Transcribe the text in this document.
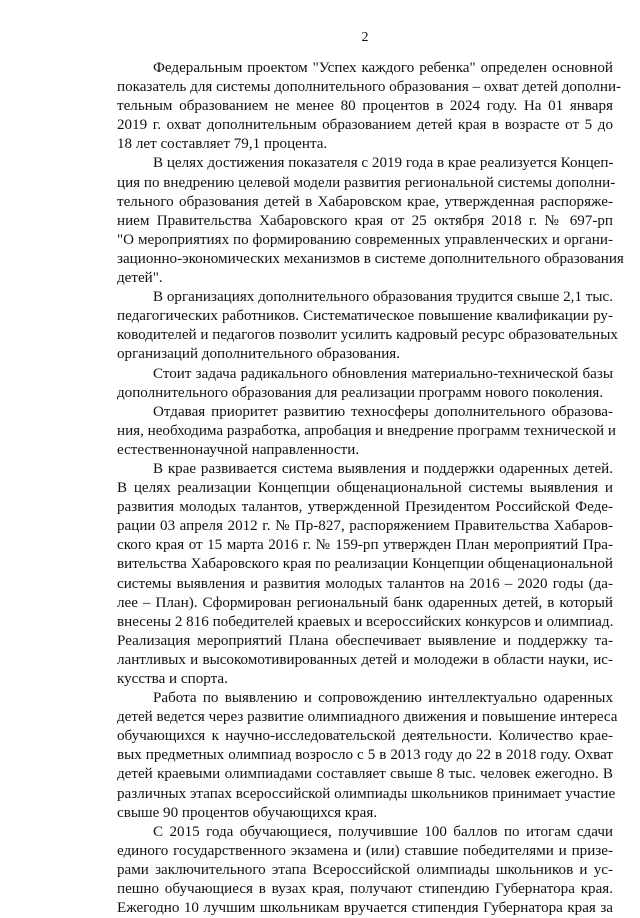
2
Федеральным проектом "Успех каждого ребенка" определен основной
показатель для системы дополнительного образования – охват детей дополни-
тельным образованием не менее 80 процентов в 2024 году. На 01 января
2019 г. охват дополнительным образованием детей края в возрасте от 5 до
18 лет составляет 79,1 процента.
В целях достижения показателя с 2019 года в крае реализуется Концеп-
ция по внедрению целевой модели развития региональной системы дополни-
тельного образования детей в Хабаровском крае, утвержденная распоряже-
нием Правительства Хабаровского края от 25 октября 2018 г. № 697-рп
"О мероприятиях по формированию современных управленческих и органи-
зационно-экономических механизмов в системе дополнительного образования
детей".
В организациях дополнительного образования трудится свыше 2,1 тыс.
педагогических работников. Систематическое повышение квалификации ру-
ководителей и педагогов позволит усилить кадровый ресурс образовательных
организаций дополнительного образования.
Стоит задача радикального обновления материально-технической базы
дополнительного образования для реализации программ нового поколения.
Отдавая приоритет развитию техносферы дополнительного образова-
ния, необходима разработка, апробация и внедрение программ технической и
естественнонаучной направленности.
В крае развивается система выявления и поддержки одаренных детей.
В целях реализации Концепции общенациональной системы выявления и
развития молодых талантов, утвержденной Президентом Российской Феде-
рации 03 апреля 2012 г. № Пр-827, распоряжением Правительства Хабаров-
ского края от 15 марта 2016 г. № 159-рп утвержден План мероприятий Пра-
вительства Хабаровского края по реализации Концепции общенациональной
системы выявления и развития молодых талантов на 2016 – 2020 годы (да-
лее – План). Сформирован региональный банк одаренных детей, в который
внесены 2 816 победителей краевых и всероссийских конкурсов и олимпиад.
Реализация мероприятий Плана обеспечивает выявление и поддержку та-
лантливых и высокомотивированных детей и молодежи в области науки, ис-
кусства и спорта.
Работа по выявлению и сопровождению интеллектуально одаренных
детей ведется через развитие олимпиадного движения и повышение интереса
обучающихся к научно-исследовательской деятельности. Количество крае-
вых предметных олимпиад возросло с 5 в 2013 году до 22 в 2018 году. Охват
детей краевыми олимпиадами составляет свыше 8 тыс. человек ежегодно. В
различных этапах всероссийской олимпиады школьников принимает участие
свыше 90 процентов обучающихся края.
С 2015 года обучающиеся, получившие 100 баллов по итогам сдачи
единого государственного экзамена и (или) ставшие победителями и призе-
рами заключительного этапа Всероссийской олимпиады школьников и ус-
пешно обучающиеся в вузах края, получают стипендию Губернатора края.
Ежегодно 10 лучшим школьникам вручается стипендия Губернатора края за
